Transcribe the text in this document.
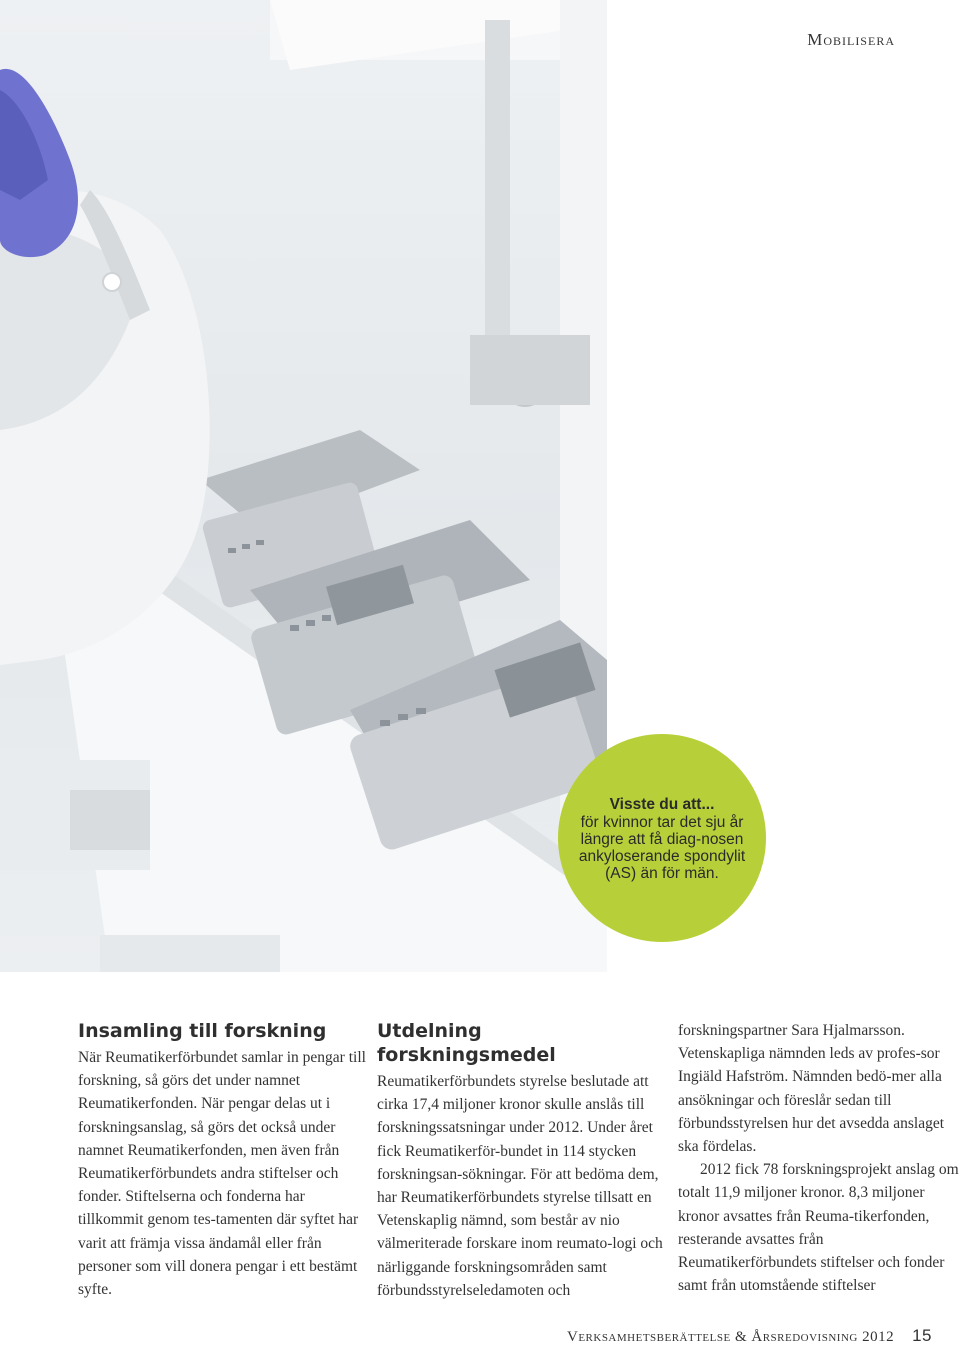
Mobilisera
Visste du att...
för kvinnor tar det sju år längre att få diag-nosen ankyloserande spondylit (AS) än för män.
Insamling till forskning

När Reumatikerförbundet samlar in pengar till forskning, så görs det under namnet Reumatikerfonden. När pengar delas ut i forskningsanslag, så görs det också under namnet Reumatikerfonden, men även från Reumatikerförbundets andra stiftelser och fonder. Stiftelserna och fonderna har tillkommit genom tes-tamenten där syftet har varit att främja vissa ändamål eller från personer som vill donera pengar i ett bestämt syfte.

Utdelning forskningsmedel

Reumatikerförbundets styrelse beslutade att cirka 17,4 miljoner kronor skulle anslås till forskningssatsningar under 2012. Under året fick Reumatikerför-bundet in 114 stycken forskningsan-sökningar. För att bedöma dem, har Reumatikerförbundets styrelse tillsatt en Vetenskaplig nämnd, som består av nio välmeriterade forskare inom reumato-logi och närliggande forskningsområden samt förbundsstyrelseledamoten och

forskningspartner Sara Hjalmarsson. Vetenskapliga nämnden leds av profes-sor Ingiäld Hafström. Nämnden bedö-mer alla ansökningar och föreslår sedan till förbundsstyrelsen hur det avsedda anslaget ska fördelas.

2012 fick 78 forskningsprojekt anslag om totalt 11,9 miljoner kronor. 8,3 miljoner kronor avsattes från Reuma-tikerfonden, resterande avsattes från Reumatikerförbundets stiftelser och fonder samt från utomstående stiftelser

Verksamhetsberättelse & Årsredovisning 2012 15
